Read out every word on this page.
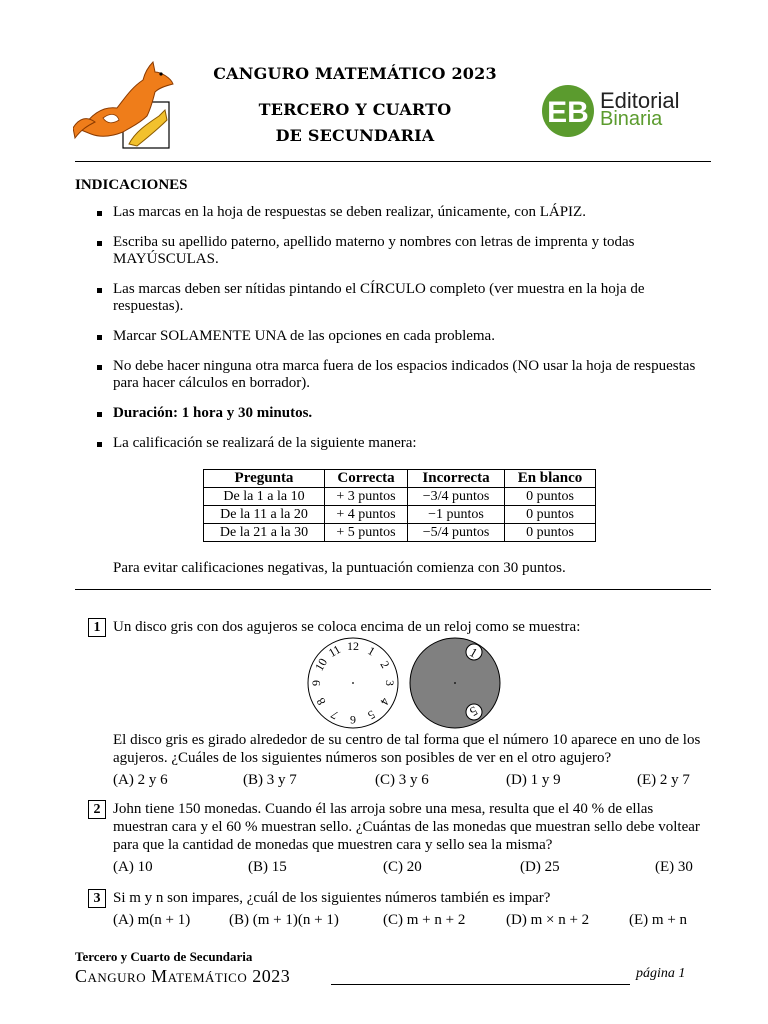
CANGURO MATEMÁTICO 2023
TERCERO Y CUARTO
DE SECUNDARIA
EB Editorial
Binaria
INDICACIONES
Las marcas en la hoja de respuestas se deben realizar, únicamente, con LÁPIZ.
Escriba su apellido paterno, apellido materno y nombres con letras de imprenta y todas MAYÚSCULAS.
Las marcas deben ser nítidas pintando el CÍRCULO completo (ver muestra en la hoja de respuestas).
Marcar SOLAMENTE UNA de las opciones en cada problema.
No debe hacer ninguna otra marca fuera de los espacios indicados (NO usar la hoja de respuestas para hacer cálculos en borrador).
Duración: 1 hora y 30 minutos.
La calificación se realizará de la siguiente manera:
Pregunta	Correcta	Incorrecta	En blanco
De la 1 a la 10	+ 3 puntos	−3/4 puntos	0 puntos
De la 11 a la 20	+ 4 puntos	−1 puntos	0 puntos
De la 21 a la 30	+ 5 puntos	−5/4 puntos	0 puntos
Para evitar calificaciones negativas, la puntuación comienza con 30 puntos.
1 Un disco gris con dos agujeros se coloca encima de un reloj como se muestra:
1
5
12 1
2
3
4
5
6
7
8
9
10
11
El disco gris es girado alrededor de su centro de tal forma que el número 10 aparece en uno de los agujeros. ¿Cuáles de los siguientes números son posibles de ver en el otro agujero?
(A) 2 y 6	(B) 3 y 7	(C) 3 y 6	(D) 1 y 9	(E) 2 y 7
2 John tiene 150 monedas. Cuando él las arroja sobre una mesa, resulta que el 40 % de ellas muestran cara y el 60 % muestran sello. ¿Cuántas de las monedas que muestran sello debe voltear para que la cantidad de monedas que muestren cara y sello sea la misma?
(A) 10	(B) 15	(C) 20	(D) 25	(E) 30
3 Si m y n son impares, ¿cuál de los siguientes números también es impar?
(A) m(n + 1)	(B) (m + 1)(n + 1)	(C) m + n + 2	(D) m × n + 2	(E) m + n
Tercero y Cuarto de Secundaria
Canguro Matemático 2023	página 1
